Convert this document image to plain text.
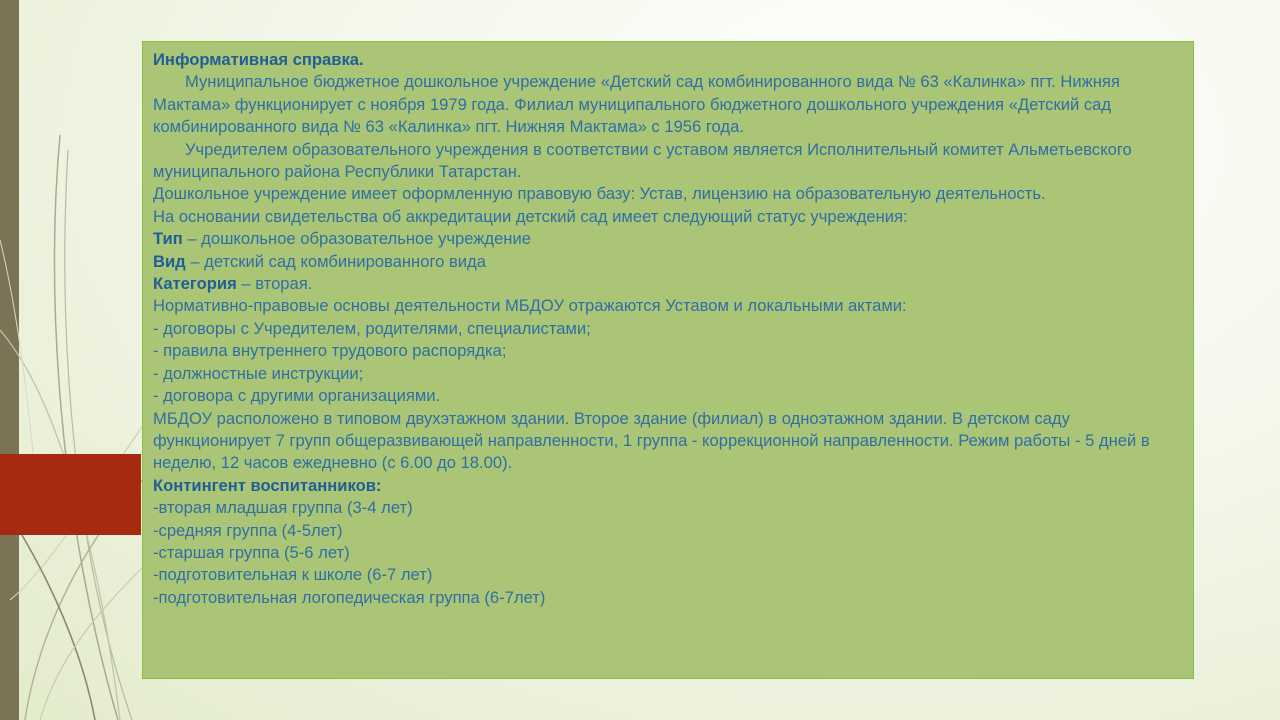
Информативная справка.

Муниципальное бюджетное дошкольное учреждение «Детский сад комбинированного вида № 63 «Калинка» пгт. Нижняя Мактама» функционирует с ноября 1979 года. Филиал муниципального бюджетного дошкольного учреждения «Детский сад комбинированного вида № 63 «Калинка» пгт. Нижняя Мактама» с 1956 года.

Учредителем образовательного учреждения в соответствии с уставом является Исполнительный комитет Альметьевского муниципального района Республики Татарстан.

Дошкольное учреждение имеет оформленную правовую базу: Устав, лицензию на образовательную деятельность.

На основании свидетельства об аккредитации детский сад имеет следующий статус учреждения:

Тип – дошкольное образовательное учреждение

Вид – детский сад комбинированного вида

Категория – вторая.

Нормативно-правовые основы деятельности МБДОУ отражаются Уставом и локальными актами:

- договоры с Учредителем, родителями, специалистами;

- правила внутреннего трудового распорядка;

- должностные инструкции;

- договора с другими организациями.

МБДОУ расположено в типовом двухэтажном здании. Второе здание (филиал) в одноэтажном здании. В детском саду функционирует 7 групп общеразвивающей направленности, 1 группа - коррекционной направленности. Режим работы - 5 дней в неделю, 12 часов ежедневно (с 6.00 до 18.00).

Контингент воспитанников:

-вторая младшая группа (3-4 лет)

-средняя группа (4-5лет)

-старшая группа (5-6 лет)

-подготовительная к школе (6-7 лет)

-подготовительная логопедическая группа (6-7лет)
